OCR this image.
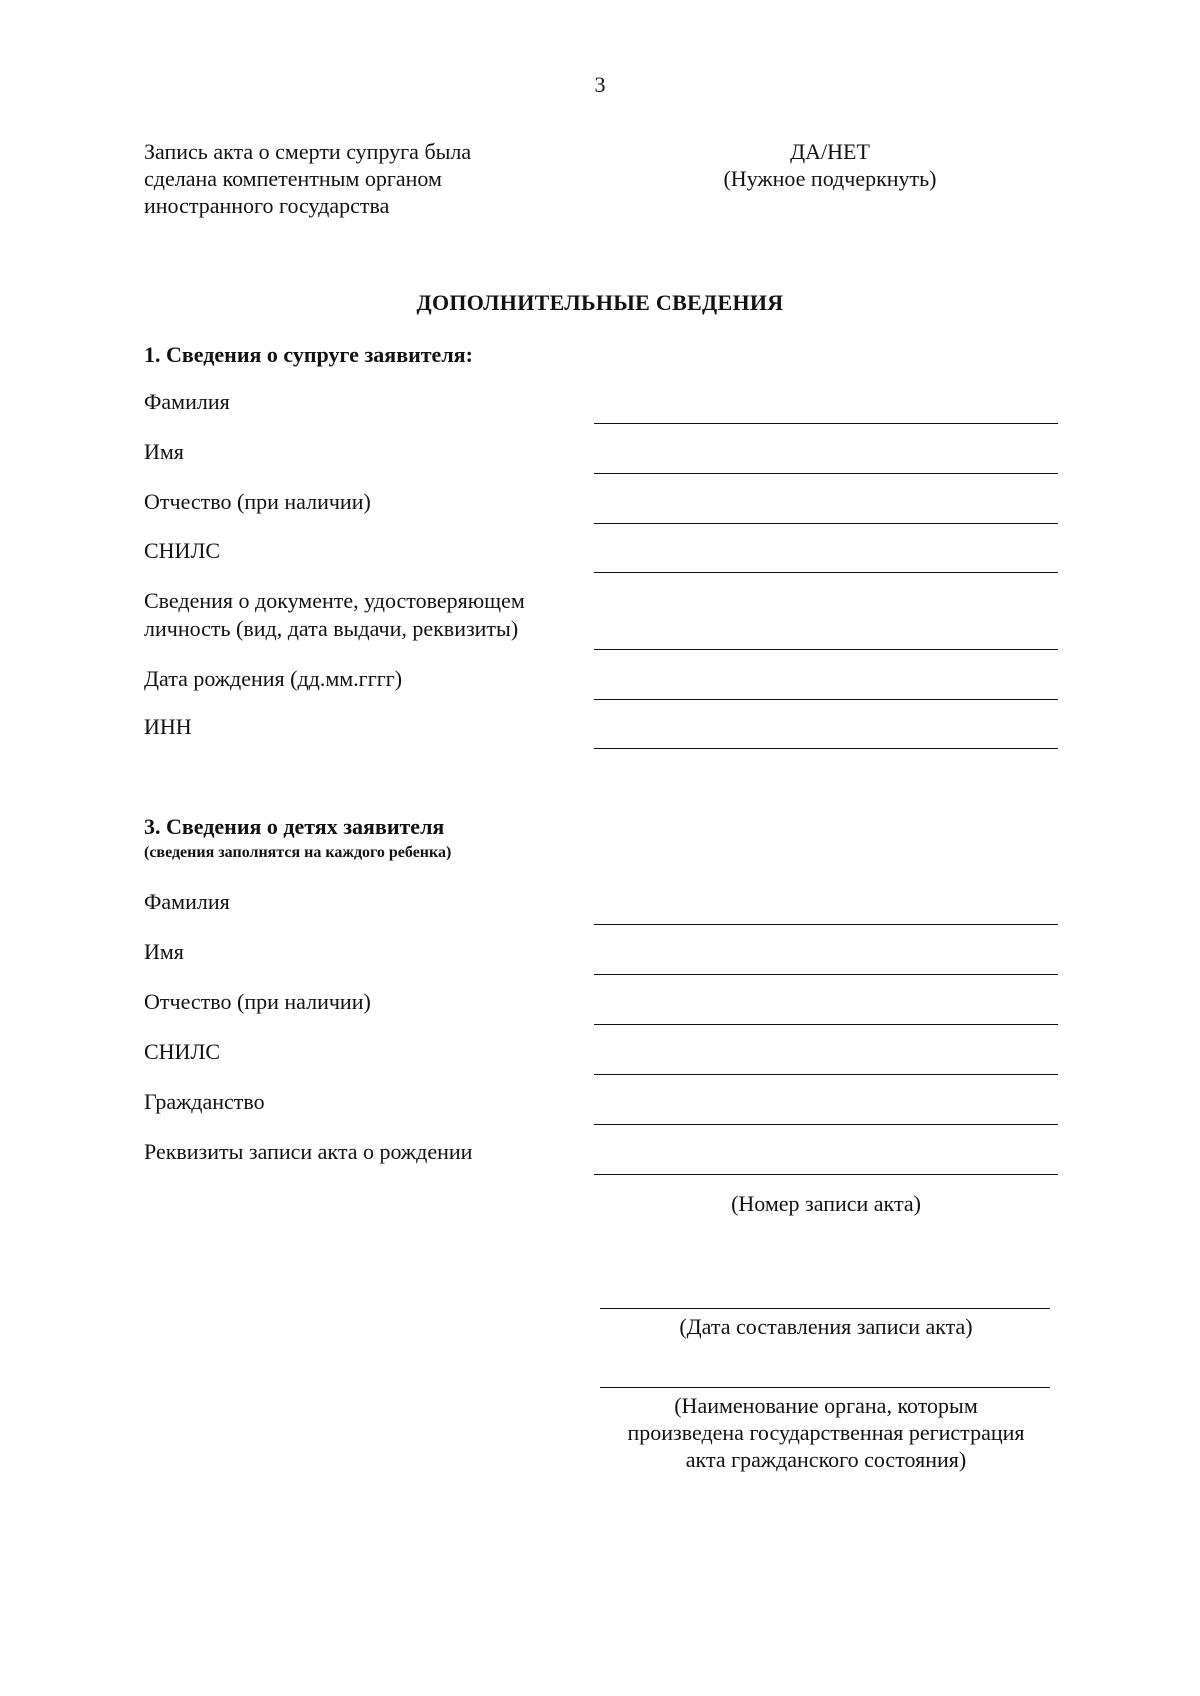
3
Запись акта о смерти супруга была
сделана компетентным органом
иностранного государства
ДА/НЕТ
(Нужное подчеркнуть)
ДОПОЛНИТЕЛЬНЫЕ СВЕДЕНИЯ
1. Сведения о супруге заявителя:
Фамилия
Имя
Отчество (при наличии)
СНИЛС
Сведения о документе, удостоверяющем
личность (вид, дата выдачи, реквизиты)
Дата рождения (дд.мм.гггг)
ИНН
3. Сведения о детях заявителя
(сведения заполнятся на каждого ребенка)
Фамилия
Имя
Отчество (при наличии)
СНИЛС
Гражданство
Реквизиты записи акта о рождении
(Номер записи акта)
(Дата составления записи акта)
(Наименование органа, которым
произведена государственная регистрация
акта гражданского состояния)
